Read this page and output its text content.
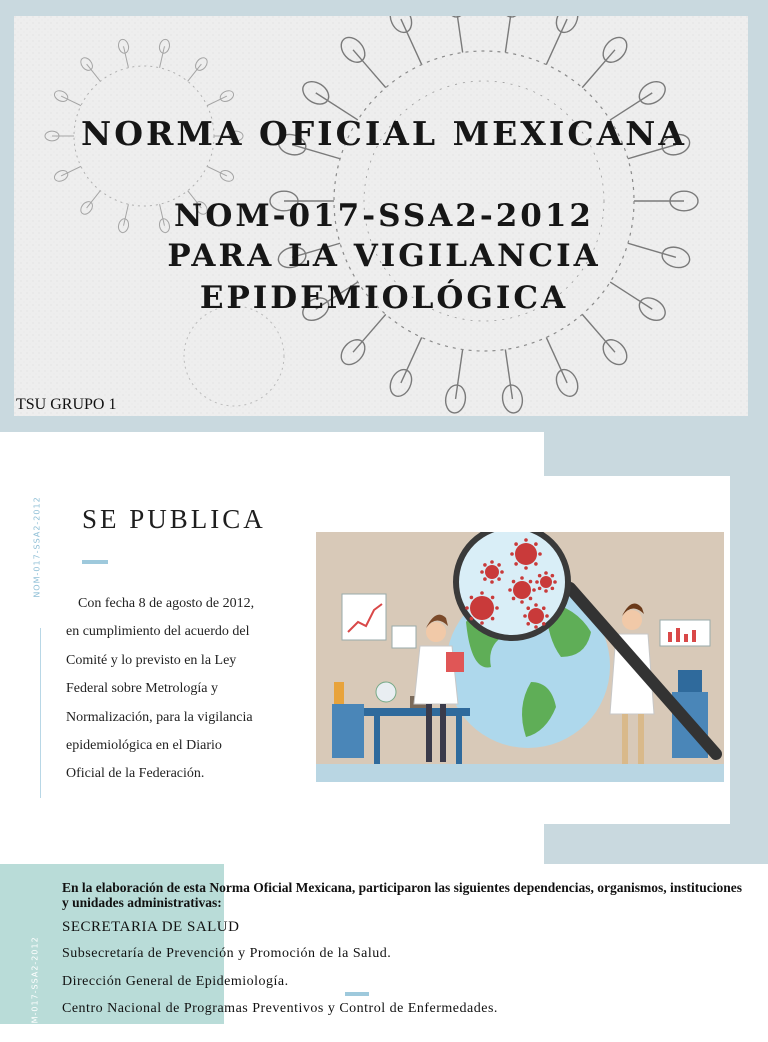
NORMA OFICIAL MEXICANA
NOM-017-SSA2-2012
PARA LA VIGILANCIA
EPIDEMIOLÓGICA
TSU GRUPO 1
NOM-017-SSA2-2012 SE PUBLICA

Con fecha 8 de agosto de 2012,

en cumplimiento del acuerdo del

Comité y lo previsto en la Ley

Federal sobre Metrología y

Normalización, para la vigilancia

epidemiológica en el Diario

Oficial de la Federación.

NOM-017-SSA2-2012
En la elaboración de esta Norma Oficial Mexicana, participaron las siguientes dependencias, organismos, instituciones y unidades administrativas:
SECRETARIA DE SALUD
Subsecretaría de Prevención y Promoción de la Salud.
Dirección General de Epidemiología.
Centro Nacional de Programas Preventivos y Control de Enfermedades.
